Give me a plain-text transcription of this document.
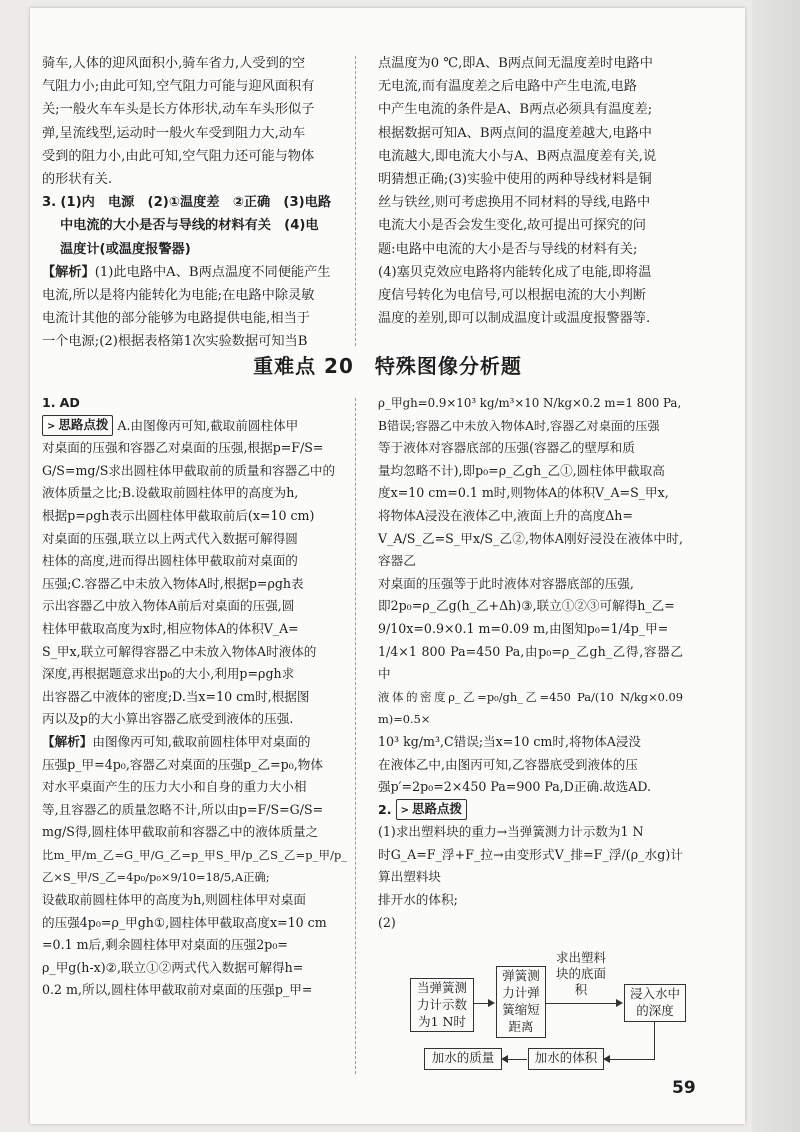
骑车,人体的迎风面积小,骑车省力,人受到的空

气阻力小;由此可知,空气阻力可能与迎风面积有

关;一般火车车头是长方体形状,动车车头形似子

弹,呈流线型,运动时一般火车受到阻力大,动车

受到的阻力小,由此可知,空气阻力还可能与物体

的形状有关.

3. (1)内　电源　(2)①温度差　②正确　(3)电路

中电流的大小是否与导线的材料有关　(4)电

温度计(或温度报警器)

【解析】(1)此电路中A、B两点温度不同便能产生

电流,所以是将内能转化为电能;在电路中除灵敏

电流计其他的部分能够为电路提供电能,相当于

一个电源;(2)根据表格第1次实验数据可知当B

点温度为0 ℃,即A、B两点间无温度差时电路中

无电流,而有温度差之后电路中产生电流,电路

中产生电流的条件是A、B两点必须具有温度差;

根据数据可知A、B两点间的温度差越大,电路中

电流越大,即电流大小与A、B两点温度差有关,说

明猜想正确;(3)实验中使用的两种导线材料是铜

丝与铁丝,则可考虑换用不同材料的导线,电路中

电流大小是否会发生变化,故可提出可探究的问

题:电路中电流的大小是否与导线的材料有关;

(4)塞贝克效应电路将内能转化成了电能,即将温

度信号转化为电信号,可以根据电流的大小判断

温度的差别,即可以制成温度计或温度报警器等.

重难点 20　特殊图像分析题

1. AD

> 思路点拨 A.由图像丙可知,截取前圆柱体甲

对桌面的压强和容器乙对桌面的压强,根据p=F/S=

G/S=mg/S求出圆柱体甲截取前的质量和容器乙中的

液体质量之比;B.设截取前圆柱体甲的高度为h,

根据p=ρgh表示出圆柱体甲截取前后(x=10 cm)

对桌面的压强,联立以上两式代入数据可解得圆

柱体的高度,进而得出圆柱体甲截取前对桌面的

压强;C.容器乙中未放入物体A时,根据p=ρgh表

示出容器乙中放入物体A前后对桌面的压强,圆

柱体甲截取高度为x时,相应物体A的体积V_A=

S_甲x,联立可解得容器乙中未放入物体A时液体的

深度,再根据题意求出p₀的大小,利用p=ρgh求

出容器乙中液体的密度;D.当x=10 cm时,根据图

丙以及p的大小算出容器乙底受到液体的压强.

【解析】由图像丙可知,截取前圆柱体甲对桌面的

压强p_甲=4p₀,容器乙对桌面的压强p_乙=p₀,物体

对水平桌面产生的压力大小和自身的重力大小相

等,且容器乙的质量忽略不计,所以由p=F/S=G/S=

mg/S得,圆柱体甲截取前和容器乙中的液体质量之

比m_甲/m_乙=G_甲/G_乙=p_甲S_甲/p_乙S_乙=p_甲/p_乙×S_甲/S_乙=4p₀/p₀×9/10=18/5,A正确;

设截取前圆柱体甲的高度为h,则圆柱体甲对桌面

的压强4p₀=ρ_甲gh①,圆柱体甲截取高度x=10 cm

=0.1 m后,剩余圆柱体甲对桌面的压强2p₀=

ρ_甲g(h-x)②,联立①②两式代入数据可解得h=

0.2 m,所以,圆柱体甲截取前对桌面的压强p_甲=

ρ_甲gh=0.9×10³ kg/m³×10 N/kg×0.2 m=1 800 Pa,

B错误;容器乙中未放入物体A时,容器乙对桌面的压强

等于液体对容器底部的压强(容器乙的壁厚和质

量均忽略不计),即p₀=ρ_乙gh_乙①,圆柱体甲截取高

度x=10 cm=0.1 m时,则物体A的体积V_A=S_甲x,

将物体A浸没在液体乙中,液面上升的高度Δh=

V_A/S_乙=S_甲x/S_乙②,物体A刚好浸没在液体中时,容器乙

对桌面的压强等于此时液体对容器底部的压强,

即2p₀=ρ_乙g(h_乙+Δh)③,联立①②③可解得h_乙=

9/10x=0.9×0.1 m=0.09 m,由图知p₀=1/4p_甲=

1/4×1 800 Pa=450 Pa,由p₀=ρ_乙gh_乙得,容器乙中

液体的密度ρ_乙=p₀/gh_乙=450 Pa/(10 N/kg×0.09 m)=0.5×

10³ kg/m³,C错误;当x=10 cm时,将物体A浸没

在液体乙中,由图丙可知,乙容器底受到液体的压

强p′=2p₀=2×450 Pa=900 Pa,D正确.故选AD.

2. > 思路点拨

(1)求出塑料块的重力→当弹簧测力计示数为1 N

时G_A=F_浮+F_拉→由变形式V_排=F_浮/(ρ_水g)计算出塑料块

排开水的体积;

(2)

当弹簧测力计示数为1 N时
弹簧测力计弹簧缩短距离
求出塑料块的底面积	浸入水中的深度
加水的体积
加水的质量
59
